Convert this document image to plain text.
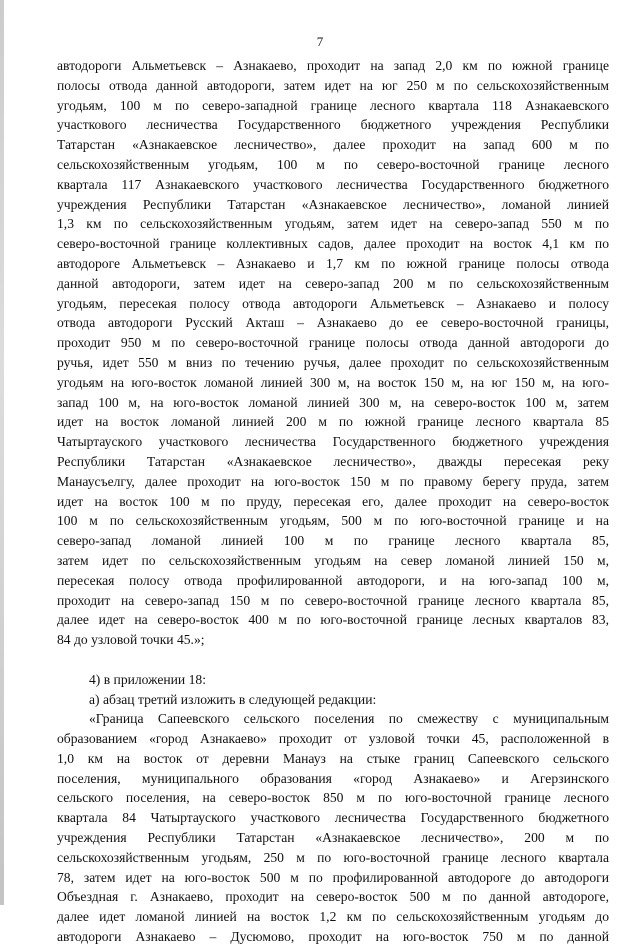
7
автодороги Альметьевск – Азнакаево, проходит на запад 2,0 км по южной границе
полосы отвода данной автодороги, затем идет на юг 250 м по сельскохозяйственным
угодьям, 100 м по северо-западной границе лесного квартала 118 Азнакаевского
участкового лесничества Государственного бюджетного учреждения Республики
Татарстан «Азнакаевское лесничество», далее проходит на запад 600 м по
сельскохозяйственным угодьям, 100 м по северо-восточной границе лесного
квартала 117 Азнакаевского участкового лесничества Государственного бюджетного
учреждения Республики Татарстан «Азнакаевское лесничество», ломаной линией
1,3 км по сельскохозяйственным угодьям, затем идет на северо-запад 550 м по
северо-восточной границе коллективных садов, далее проходит на восток 4,1 км по
автодороге Альметьевск – Азнакаево и 1,7 км по южной границе полосы отвода
данной автодороги, затем идет на северо-запад 200 м по сельскохозяйственным
угодьям, пересекая полосу отвода автодороги Альметьевск – Азнакаево и полосу
отвода автодороги Русский Акташ – Азнакаево до ее северо-восточной границы,
проходит 950 м по северо-восточной границе полосы отвода данной автодороги до
ручья, идет 550 м вниз по течению ручья, далее проходит по сельскохозяйственным
угодьям на юго-восток ломаной линией 300 м, на восток 150 м, на юг 150 м, на юго-
запад 100 м, на юго-восток ломаной линией 300 м, на северо-восток 100 м, затем
идет на восток ломаной линией 200 м по южной границе лесного квартала 85
Чатыртауского участкового лесничества Государственного бюджетного учреждения
Республики Татарстан «Азнакаевское лесничество», дважды пересекая реку
Манаусъелгу, далее проходит на юго-восток 150 м по правому берегу пруда, затем
идет на восток 100 м по пруду, пересекая его, далее проходит на северо-восток
100 м по сельскохозяйственным угодьям, 500 м по юго-восточной границе и на
северо-запад ломаной линией 100 м по границе лесного квартала 85,
затем идет по сельскохозяйственным угодьям на север ломаной линией 150 м,
пересекая полосу отвода профилированной автодороги, и на юго-запад 100 м,
проходит на северо-запад 150 м по северо-восточной границе лесного квартала 85,
далее идет на северо-восток 400 м по юго-восточной границе лесных кварталов 83,
84 до узловой точки 45.»;
4) в приложении 18:
а) абзац третий изложить в следующей редакции:
«Граница Сапеевского сельского поселения по смежеству с муниципальным
образованием «город Азнакаево» проходит от узловой точки 45, расположенной в
1,0 км на восток от деревни Манауз на стыке границ Сапеевского сельского
поселения, муниципального образования «город Азнакаево» и Агерзинского
сельского поселения, на северо-восток 850 м по юго-восточной границе лесного
квартала 84 Чатыртауского участкового лесничества Государственного бюджетного
учреждения Республики Татарстан «Азнакаевское лесничество», 200 м по
сельскохозяйственным угодьям, 250 м по юго-восточной границе лесного квартала
78, затем идет на юго-восток 500 м по профилированной автодороге до автодороги
Объездная г. Азнакаево, проходит на северо-восток 500 м по данной автодороге,
далее идет ломаной линией на восток 1,2 км по сельскохозяйственным угодьям до
автодороги Азнакаево – Дусюмово, проходит на юго-восток 750 м по данной
